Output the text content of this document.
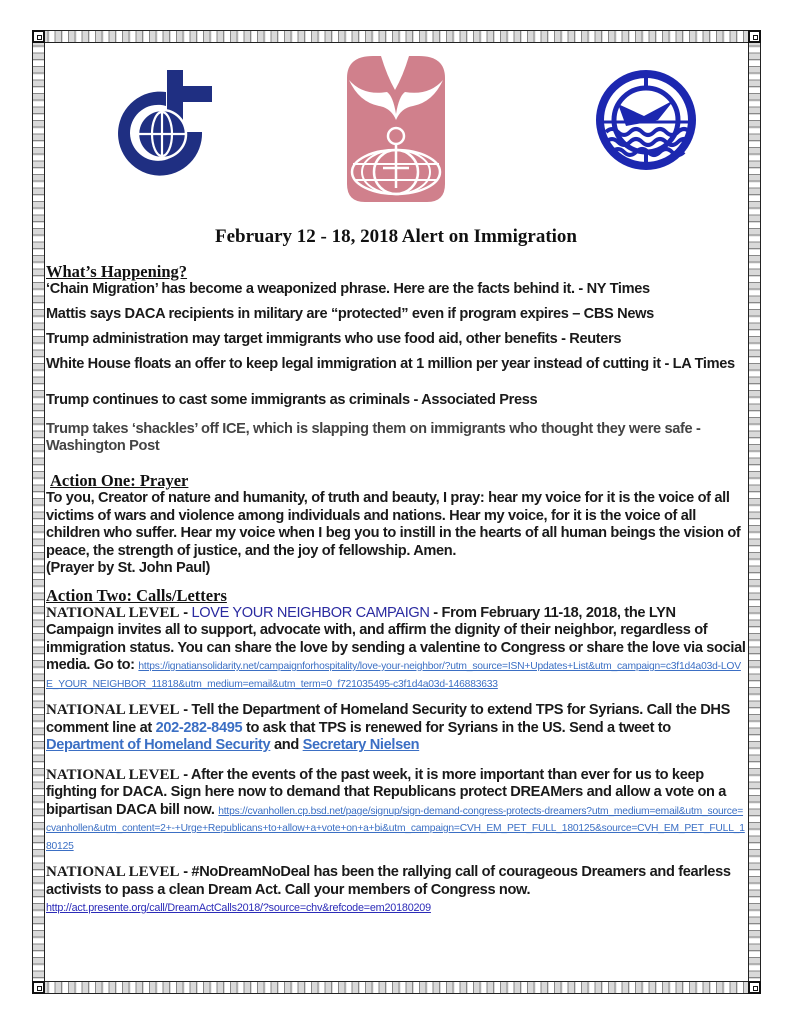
February 12 - 18, 2018 Alert on Immigration
What’s Happening?

‘Chain Migration’ has become a weaponized phrase. Here are the facts behind it. - NY Times

Mattis says DACA recipients in military are “protected” even if program expires – CBS News

Trump administration may target immigrants who use food aid, other benefits - Reuters

White House floats an offer to keep legal immigration at 1 million per year instead of cutting it - LA Times

Trump continues to cast some immigrants as criminals - Associated Press

Trump takes ‘shackles’ off ICE, which is slapping them on immigrants who thought they were safe - Washington Post

Action One: Prayer

To you, Creator of nature and humanity, of truth and beauty, I pray: hear my voice for it is the voice of all victims of wars and violence among individuals and nations. Hear my voice, for it is the voice of all children who suffer. Hear my voice when I beg you to instill in the hearts of all human beings the vision of peace, the strength of justice, and the joy of fellowship. Amen.

(Prayer by St. John Paul)

Action Two: Calls/Letters

NATIONAL LEVEL - LOVE YOUR NEIGHBOR CAMPAIGN - From February 11-18, 2018, the LYN Campaign invites all to support, advocate with, and affirm the dignity of their neighbor, regardless of immigration status. You can share the love by sending a valentine to Congress or share the love via social media. Go to: https://ignatiansolidarity.net/campaignforhospitality/love-your-neighbor/?utm_source=ISN+Updates+List&utm_campaign=c3f1d4a03d-LOVE_YOUR_NEIGHBOR_11818&utm_medium=email&utm_term=0_f721035495-c3f1d4a03d-146883633

NATIONAL LEVEL - Tell the Department of Homeland Security to extend TPS for Syrians. Call the DHS comment line at 202-282-8495 to ask that TPS is renewed for Syrians in the US. Send a tweet to Department of Homeland Security and Secretary Nielsen

NATIONAL LEVEL - After the events of the past week, it is more important than ever for us to keep fighting for DACA. Sign here now to demand that Republicans protect DREAMers and allow a vote on a bipartisan DACA bill now. https://cvanhollen.cp.bsd.net/page/signup/sign-demand-congress-protects-dreamers?utm_medium=email&utm_source=cvanhollen&utm_content=2+-+Urge+Republicans+to+allow+a+vote+on+a+bi&utm_campaign=CVH_EM_PET_FULL_180125&source=CVH_EM_PET_FULL_180125

NATIONAL LEVEL - #NoDreamNoDeal has been the rallying call of courageous Dreamers and fearless activists to pass a clean Dream Act. Call your members of Congress now.
http://act.presente.org/call/DreamActCalls2018/?source=chv&refcode=em20180209
